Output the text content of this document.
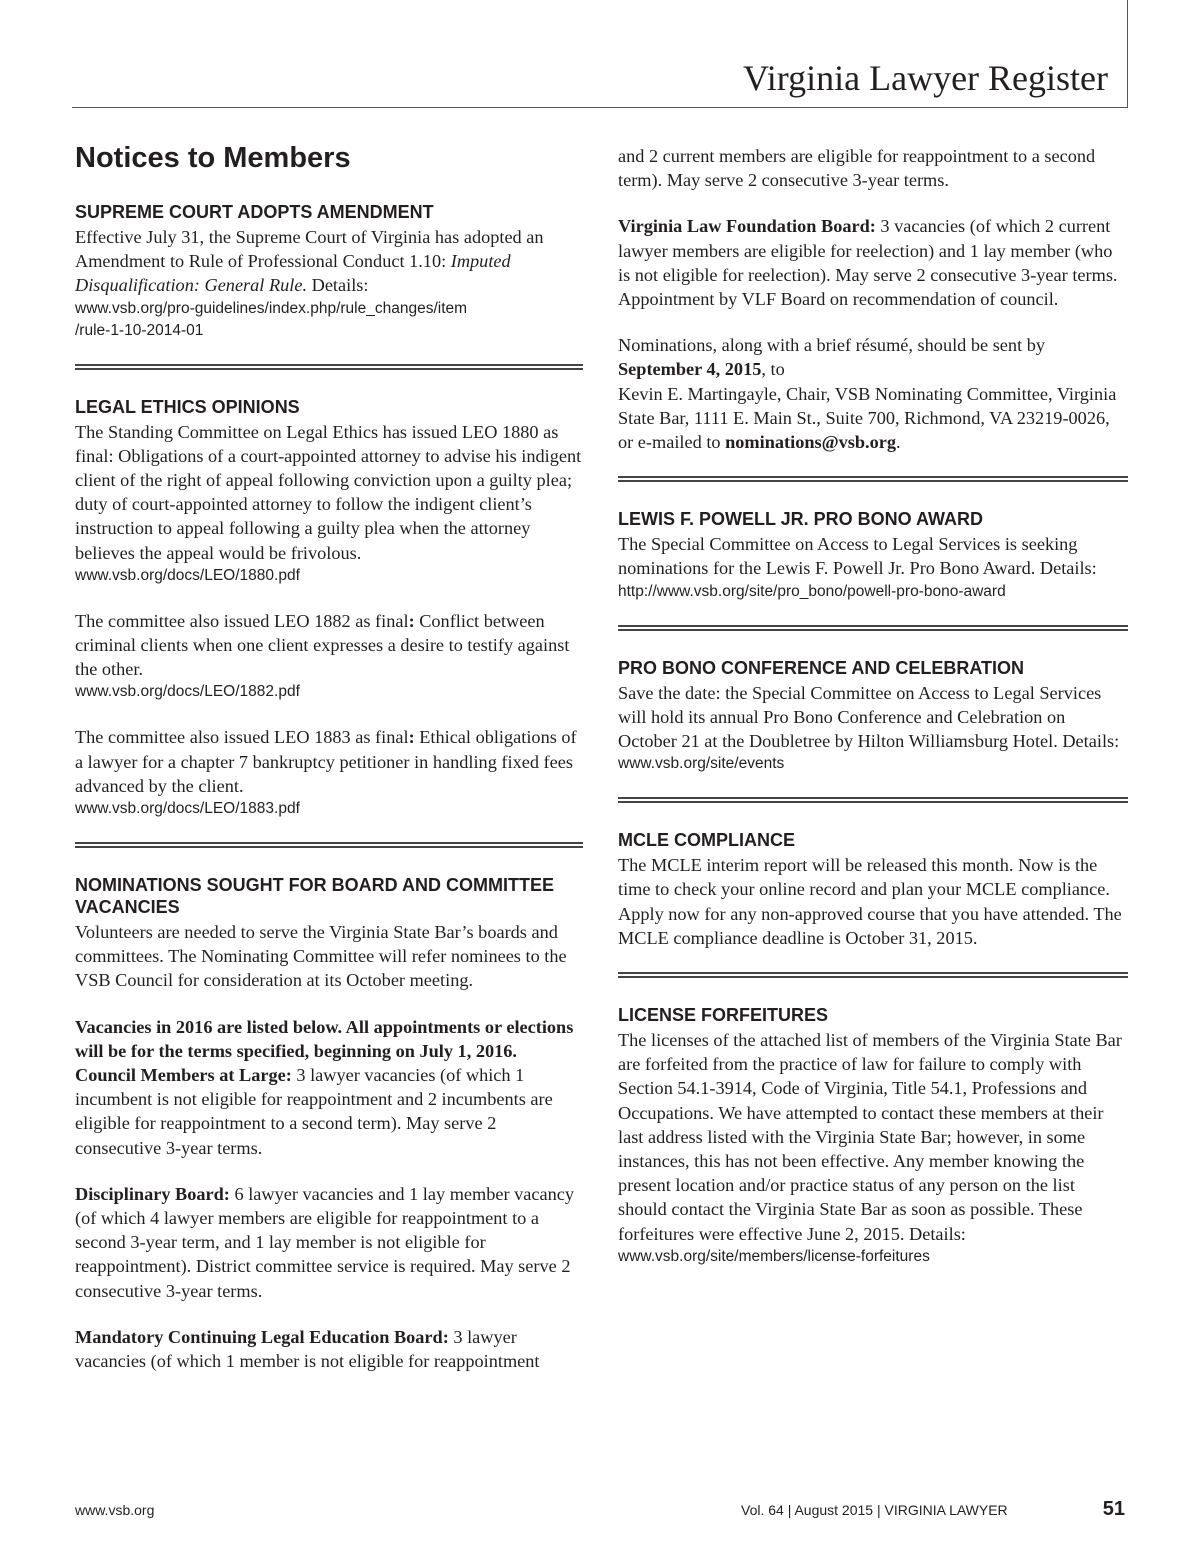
Virginia Lawyer Register
Notices to Members
SUPREME COURT ADOPTS AMENDMENT

Effective July 31, the Supreme Court of Virginia has adopted an Amendment to Rule of Professional Conduct 1.10: Imputed Disqualification: General Rule. Details:

www.vsb.org/pro-guidelines/index.php/rule_changes/item
/rule-1-10-2014-01
LEGAL ETHICS OPINIONS

The Standing Committee on Legal Ethics has issued LEO 1880 as final: Obligations of a court-appointed attorney to advise his indigent client of the right of appeal following conviction upon a guilty plea; duty of court-appointed attorney to follow the indigent client’s instruction to appeal following a guilty plea when the attorney believes the appeal would be frivolous.

www.vsb.org/docs/LEO/1880.pdf

The committee also issued LEO 1882 as final: Conflict between criminal clients when one client expresses a desire to testify against the other.

www.vsb.org/docs/LEO/1882.pdf

The committee also issued LEO 1883 as final: Ethical obligations of a lawyer for a chapter 7 bankruptcy petitioner in handling fixed fees advanced by the client.

www.vsb.org/docs/LEO/1883.pdf
NOMINATIONS SOUGHT FOR BOARD AND COMMITTEE VACANCIES

Volunteers are needed to serve the Virginia State Bar’s boards and committees. The Nominating Committee will refer nominees to the VSB Council for consideration at its October meeting.

Vacancies in 2016 are listed below. All appointments or elections will be for the terms specified, beginning on July 1, 2016.

Council Members at Large: 3 lawyer vacancies (of which 1 incumbent is not eligible for reappointment and 2 incumbents are eligible for reappointment to a second term). May serve 2 consecutive 3-year terms.

Disciplinary Board: 6 lawyer vacancies and 1 lay member vacancy (of which 4 lawyer members are eligible for reappointment to a second 3-year term, and 1 lay member is not eligible for reappointment). District committee service is required. May serve 2 consecutive 3-year terms.

Mandatory Continuing Legal Education Board: 3 lawyer vacancies (of which 1 member is not eligible for reappointment

and 2 current members are eligible for reappointment to a second term). May serve 2 consecutive 3-year terms.

Virginia Law Foundation Board: 3 vacancies (of which 2 current lawyer members are eligible for reelection) and 1 lay member (who is not eligible for reelection). May serve 2 consecutive 3-year terms. Appointment by VLF Board on recommendation of council.

Nominations, along with a brief résumé, should be sent by September 4, 2015, to

Kevin E. Martingayle, Chair, VSB Nominating Committee, Virginia State Bar, 1111 E. Main St., Suite 700, Richmond, VA 23219-0026, or e-mailed to nominations@vsb.org.

LEWIS F. POWELL JR. PRO BONO AWARD

The Special Committee on Access to Legal Services is seeking nominations for the Lewis F. Powell Jr. Pro Bono Award. Details:

http://www.vsb.org/site/pro_bono/powell-pro-bono-award
PRO BONO CONFERENCE AND CELEBRATION

Save the date: the Special Committee on Access to Legal Services will hold its annual Pro Bono Conference and Celebration on October 21 at the Doubletree by Hilton Williamsburg Hotel. Details:

www.vsb.org/site/events
MCLE COMPLIANCE

The MCLE interim report will be released this month. Now is the time to check your online record and plan your MCLE compliance. Apply now for any non-approved course that you have attended. The MCLE compliance deadline is October 31, 2015.

LICENSE FORFEITURES

The licenses of the attached list of members of the Virginia State Bar are forfeited from the practice of law for failure to comply with Section 54.1-3914, Code of Virginia, Title 54.1, Professions and Occupations. We have attempted to contact these members at their last address listed with the Virginia State Bar; however, in some instances, this has not been effective. Any member knowing the present location and/or practice status of any person on the list should contact the Virginia State Bar as soon as possible. These forfeitures were effective June 2, 2015. Details:

www.vsb.org/site/members/license-forfeitures
www.vsb.org	Vol. 64 | August 2015 | VIRGINIA LAWYER	51
